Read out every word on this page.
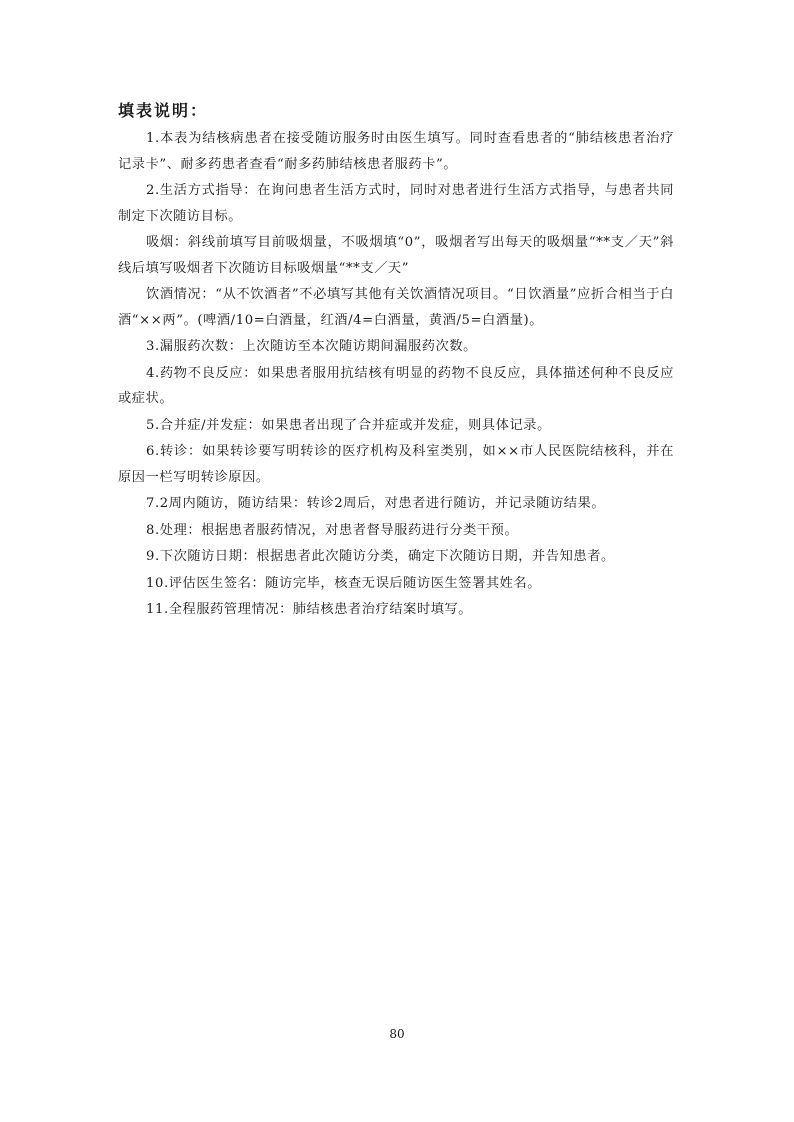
填表说明：

1.本表为结核病患者在接受随访服务时由医生填写。同时查看患者的“肺结核患者治疗记录卡”、耐多药患者查看“耐多药肺结核患者服药卡”。

2.生活方式指导：在询问患者生活方式时，同时对患者进行生活方式指导，与患者共同制定下次随访目标。

吸烟：斜线前填写目前吸烟量，不吸烟填“0”，吸烟者写出每天的吸烟量“**支／天”斜线后填写吸烟者下次随访目标吸烟量“**支／天”

饮酒情况：“从不饮酒者”不必填写其他有关饮酒情况项目。“日饮酒量”应折合相当于白酒“××两”。(啤酒/10=白酒量，红酒/4=白酒量，黄酒/5=白酒量)。

3.漏服药次数：上次随访至本次随访期间漏服药次数。

4.药物不良反应：如果患者服用抗结核有明显的药物不良反应，具体描述何种不良反应或症状。

5.合并症/并发症：如果患者出现了合并症或并发症，则具体记录。

6.转诊：如果转诊要写明转诊的医疗机构及科室类别，如××市人民医院结核科，并在原因一栏写明转诊原因。

7.2周内随访，随访结果：转诊2周后，对患者进行随访，并记录随访结果。

8.处理：根据患者服药情况，对患者督导服药进行分类干预。

9.下次随访日期：根据患者此次随访分类，确定下次随访日期，并告知患者。

10.评估医生签名：随访完毕，核查无误后随访医生签署其姓名。

11.全程服药管理情况：肺结核患者治疗结案时填写。

80
